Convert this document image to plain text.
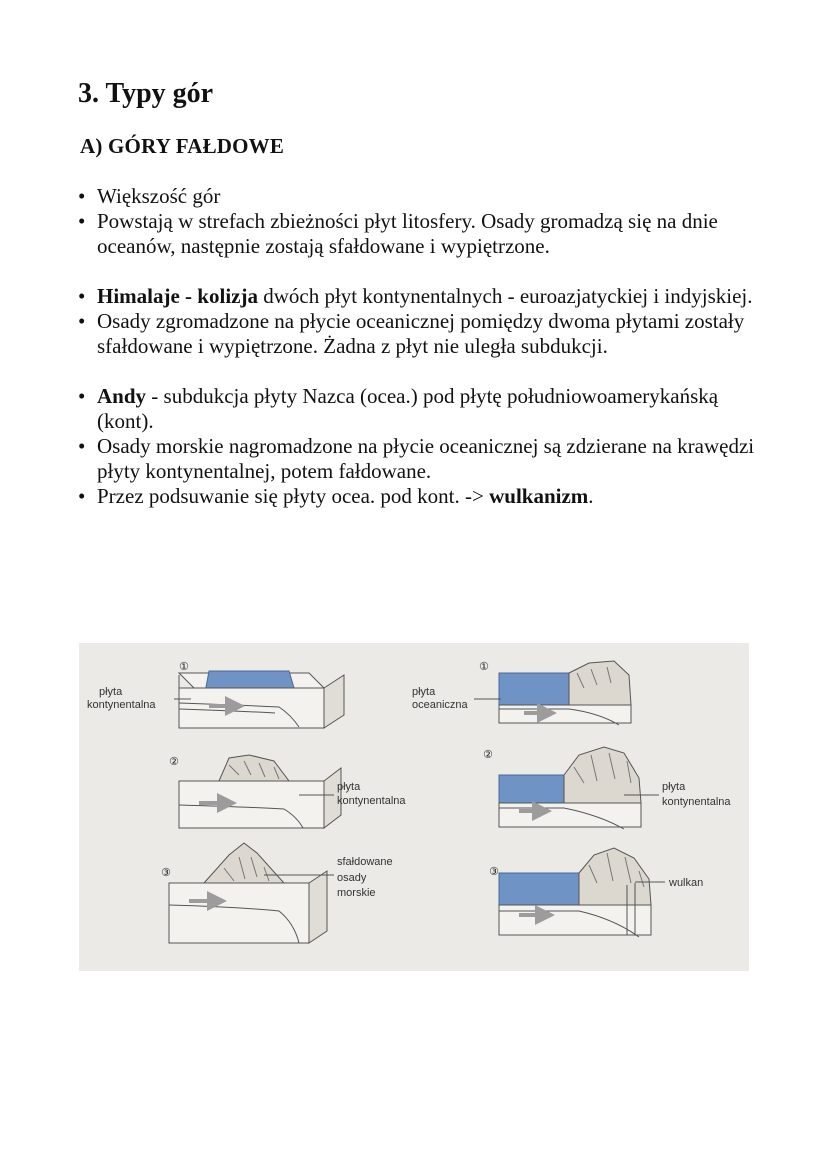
3. Typy gór
A) GÓRY FAŁDOWE
• Większość gór
• Powstają w strefach zbieżności płyt litosfery. Osady gromadzą się na dnie oceanów, następnie zostają sfałdowane i wypiętrzone.
• Himalaje - kolizja dwóch płyt kontynentalnych - euroazjatyckiej i indyjskiej.
• Osady zgromadzone na płycie oceanicznej pomiędzy dwoma płytami zostały sfałdowane i wypiętrzone. Żadna z płyt nie uległa subdukcji.
• Andy - subdukcja płyty Nazca (ocea.) pod płytę południowoamerykańską (kont).
• Osady morskie nagromadzone na płycie oceanicznej są zdzierane na krawędzi płyty kontynentalnej, potem fałdowane.
• Przez podsuwanie się płyty ocea. pod kont. -> wulkanizm.
①
płyta
kontynentalna
②
płyta
kontynentalna
③
sfałdowane
osady
morskie
①
płyta
oceaniczna
②
płyta
kontynentalna
③
wulkan
